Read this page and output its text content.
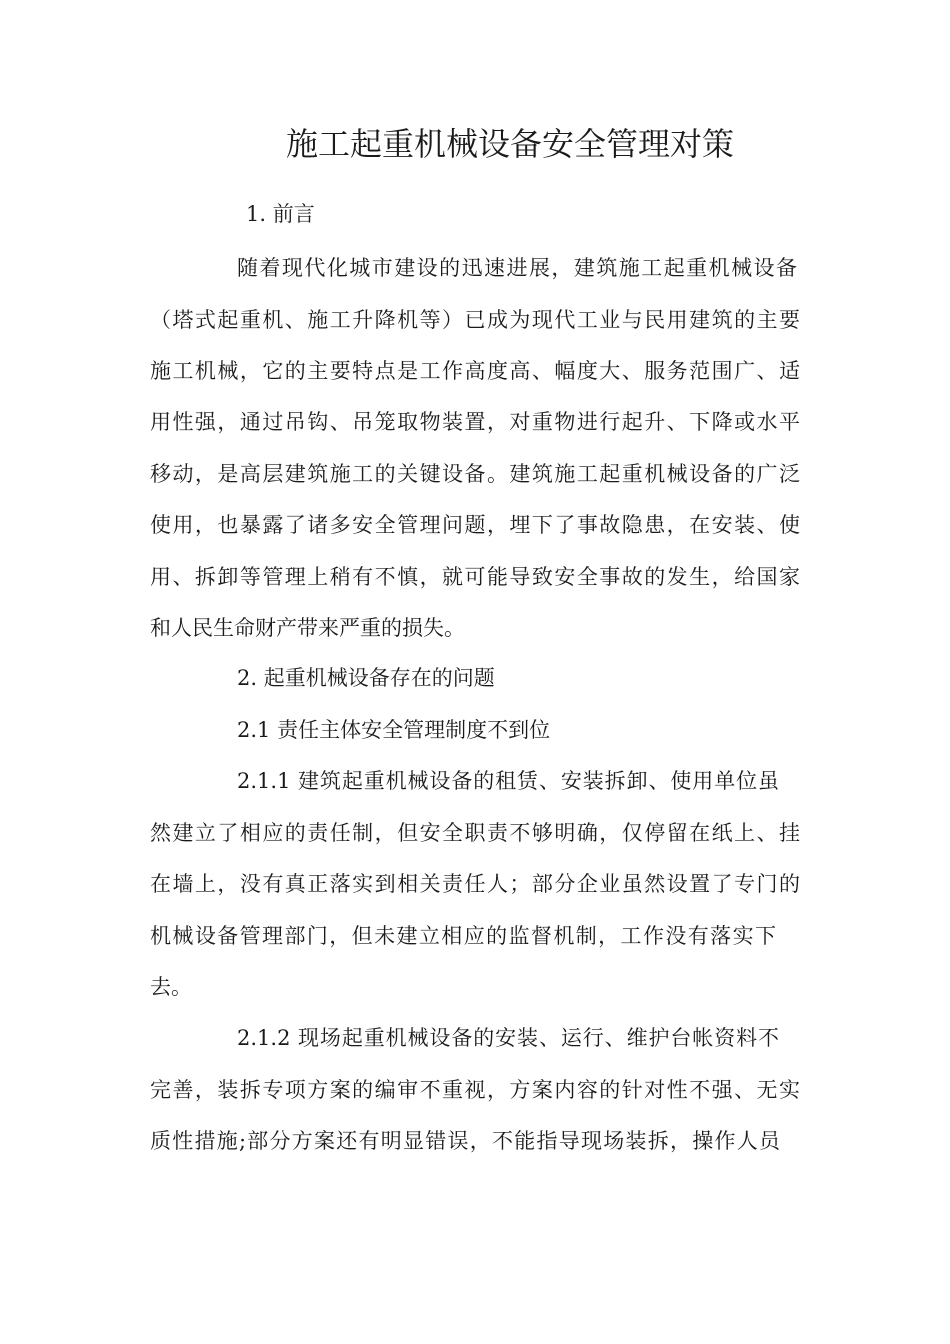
施工起重机械设备安全管理对策

1. 前言

随着现代化城市建设的迅速进展，建筑施工起重机械设备

（塔式起重机、施工升降机等）已成为现代工业与民用建筑的主要

施工机械，它的主要特点是工作高度高、幅度大、服务范围广、适

用性强，通过吊钩、吊笼取物装置，对重物进行起升、下降或水平

移动，是高层建筑施工的关键设备。建筑施工起重机械设备的广泛

使用，也暴露了诸多安全管理问题，埋下了事故隐患，在安装、使

用、拆卸等管理上稍有不慎，就可能导致安全事故的发生，给国家

和人民生命财产带来严重的损失。

2. 起重机械设备存在的问题

2.1 责任主体安全管理制度不到位

2.1.1 建筑起重机械设备的租赁、安装拆卸、使用单位虽

然建立了相应的责任制，但安全职责不够明确，仅停留在纸上、挂

在墙上，没有真正落实到相关责任人；部分企业虽然设置了专门的

机械设备管理部门，但未建立相应的监督机制，工作没有落实下

去。

2.1.2 现场起重机械设备的安装、运行、维护台帐资料不

完善，装拆专项方案的编审不重视，方案内容的针对性不强、无实

质性措施;部分方案还有明显错误，不能指导现场装拆，操作人员
